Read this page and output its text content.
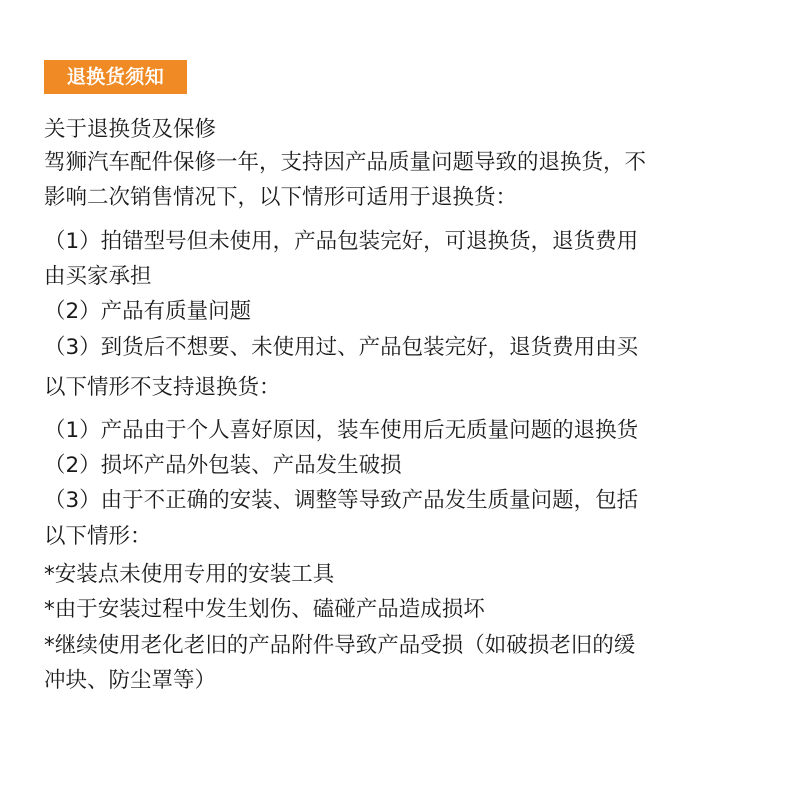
退换货须知
关于退换货及保修
驾狮汽车配件保修一年，支持因产品质量问题导致的退换货，不
影响二次销售情况下，以下情形可适用于退换货：
（1）拍错型号但未使用，产品包装完好，可退换货，退货费用
由买家承担
（2）产品有质量问题
（3）到货后不想要、未使用过、产品包装完好，退货费用由买
以下情形不支持退换货：
（1）产品由于个人喜好原因，装车使用后无质量问题的退换货
（2）损坏产品外包装、产品发生破损
（3）由于不正确的安装、调整等导致产品发生质量问题，包括
以下情形：
*安装点未使用专用的安装工具
*由于安装过程中发生划伤、磕碰产品造成损坏
*继续使用老化老旧的产品附件导致产品受损（如破损老旧的缓
冲块、防尘罩等）
